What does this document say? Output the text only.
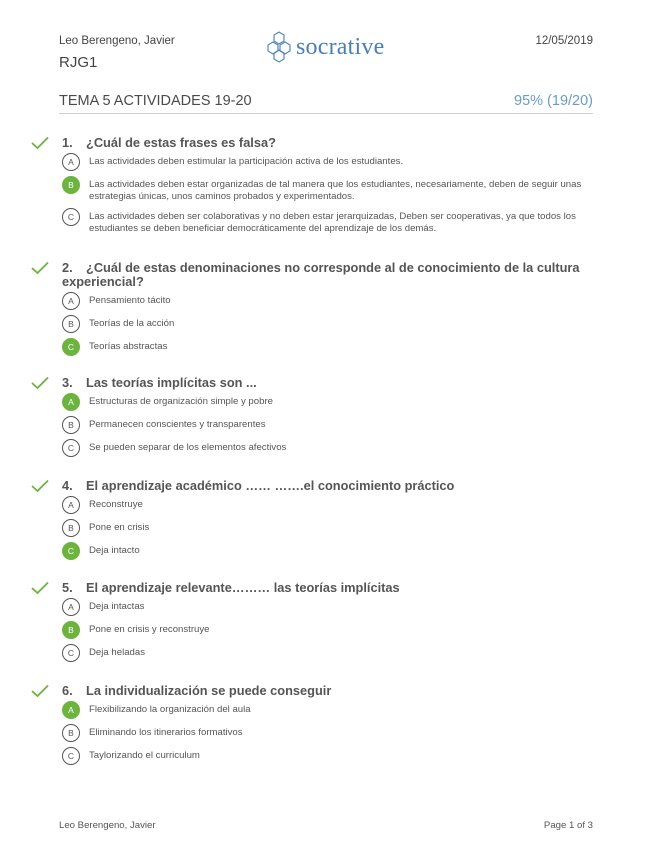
Leo Berengeno, Javier
RJG1
socrative	12/05/2019
TEMA 5 ACTIVIDADES 19-20	95% (19/20)
1. ¿Cuál de estas frases es falsa?
A	Las actividades deben estimular la participación activa de los estudiantes.
B	Las actividades deben estar organizadas de tal manera que los estudiantes, necesariamente, deben de seguir unas estrategias únicas, unos caminos probados y experimentados.
C	Las actividades deben ser colaborativas y no deben estar jerarquizadas, Deben ser cooperativas, ya que todos los estudiantes se deben beneficiar democráticamente del aprendizaje de los demás.
2. ¿Cuál de estas denominaciones no corresponde al de conocimiento de la cultura experiencial?
A	Pensamiento tácito
B	Teorías de la acción
C	Teorías abstractas
3. Las teorías implícitas son ...
A	Estructuras de organización simple y pobre
B	Permanecen conscientes y transparentes
C	Se pueden separar de los elementos afectivos
4. El aprendizaje académico …… …….el conocimiento práctico
A	Reconstruye
B	Pone en crisis
C	Deja intacto
5. El aprendizaje relevante……… las teorías implícitas
A	Deja intactas
B	Pone en crisis y reconstruye
C	Deja heladas
6. La individualización se puede conseguir
A	Flexibilizando la organización del aula
B	Eliminando los itinerarios formativos
C	Taylorizando el curriculum
Leo Berengeno, Javier	Page 1 of 3
